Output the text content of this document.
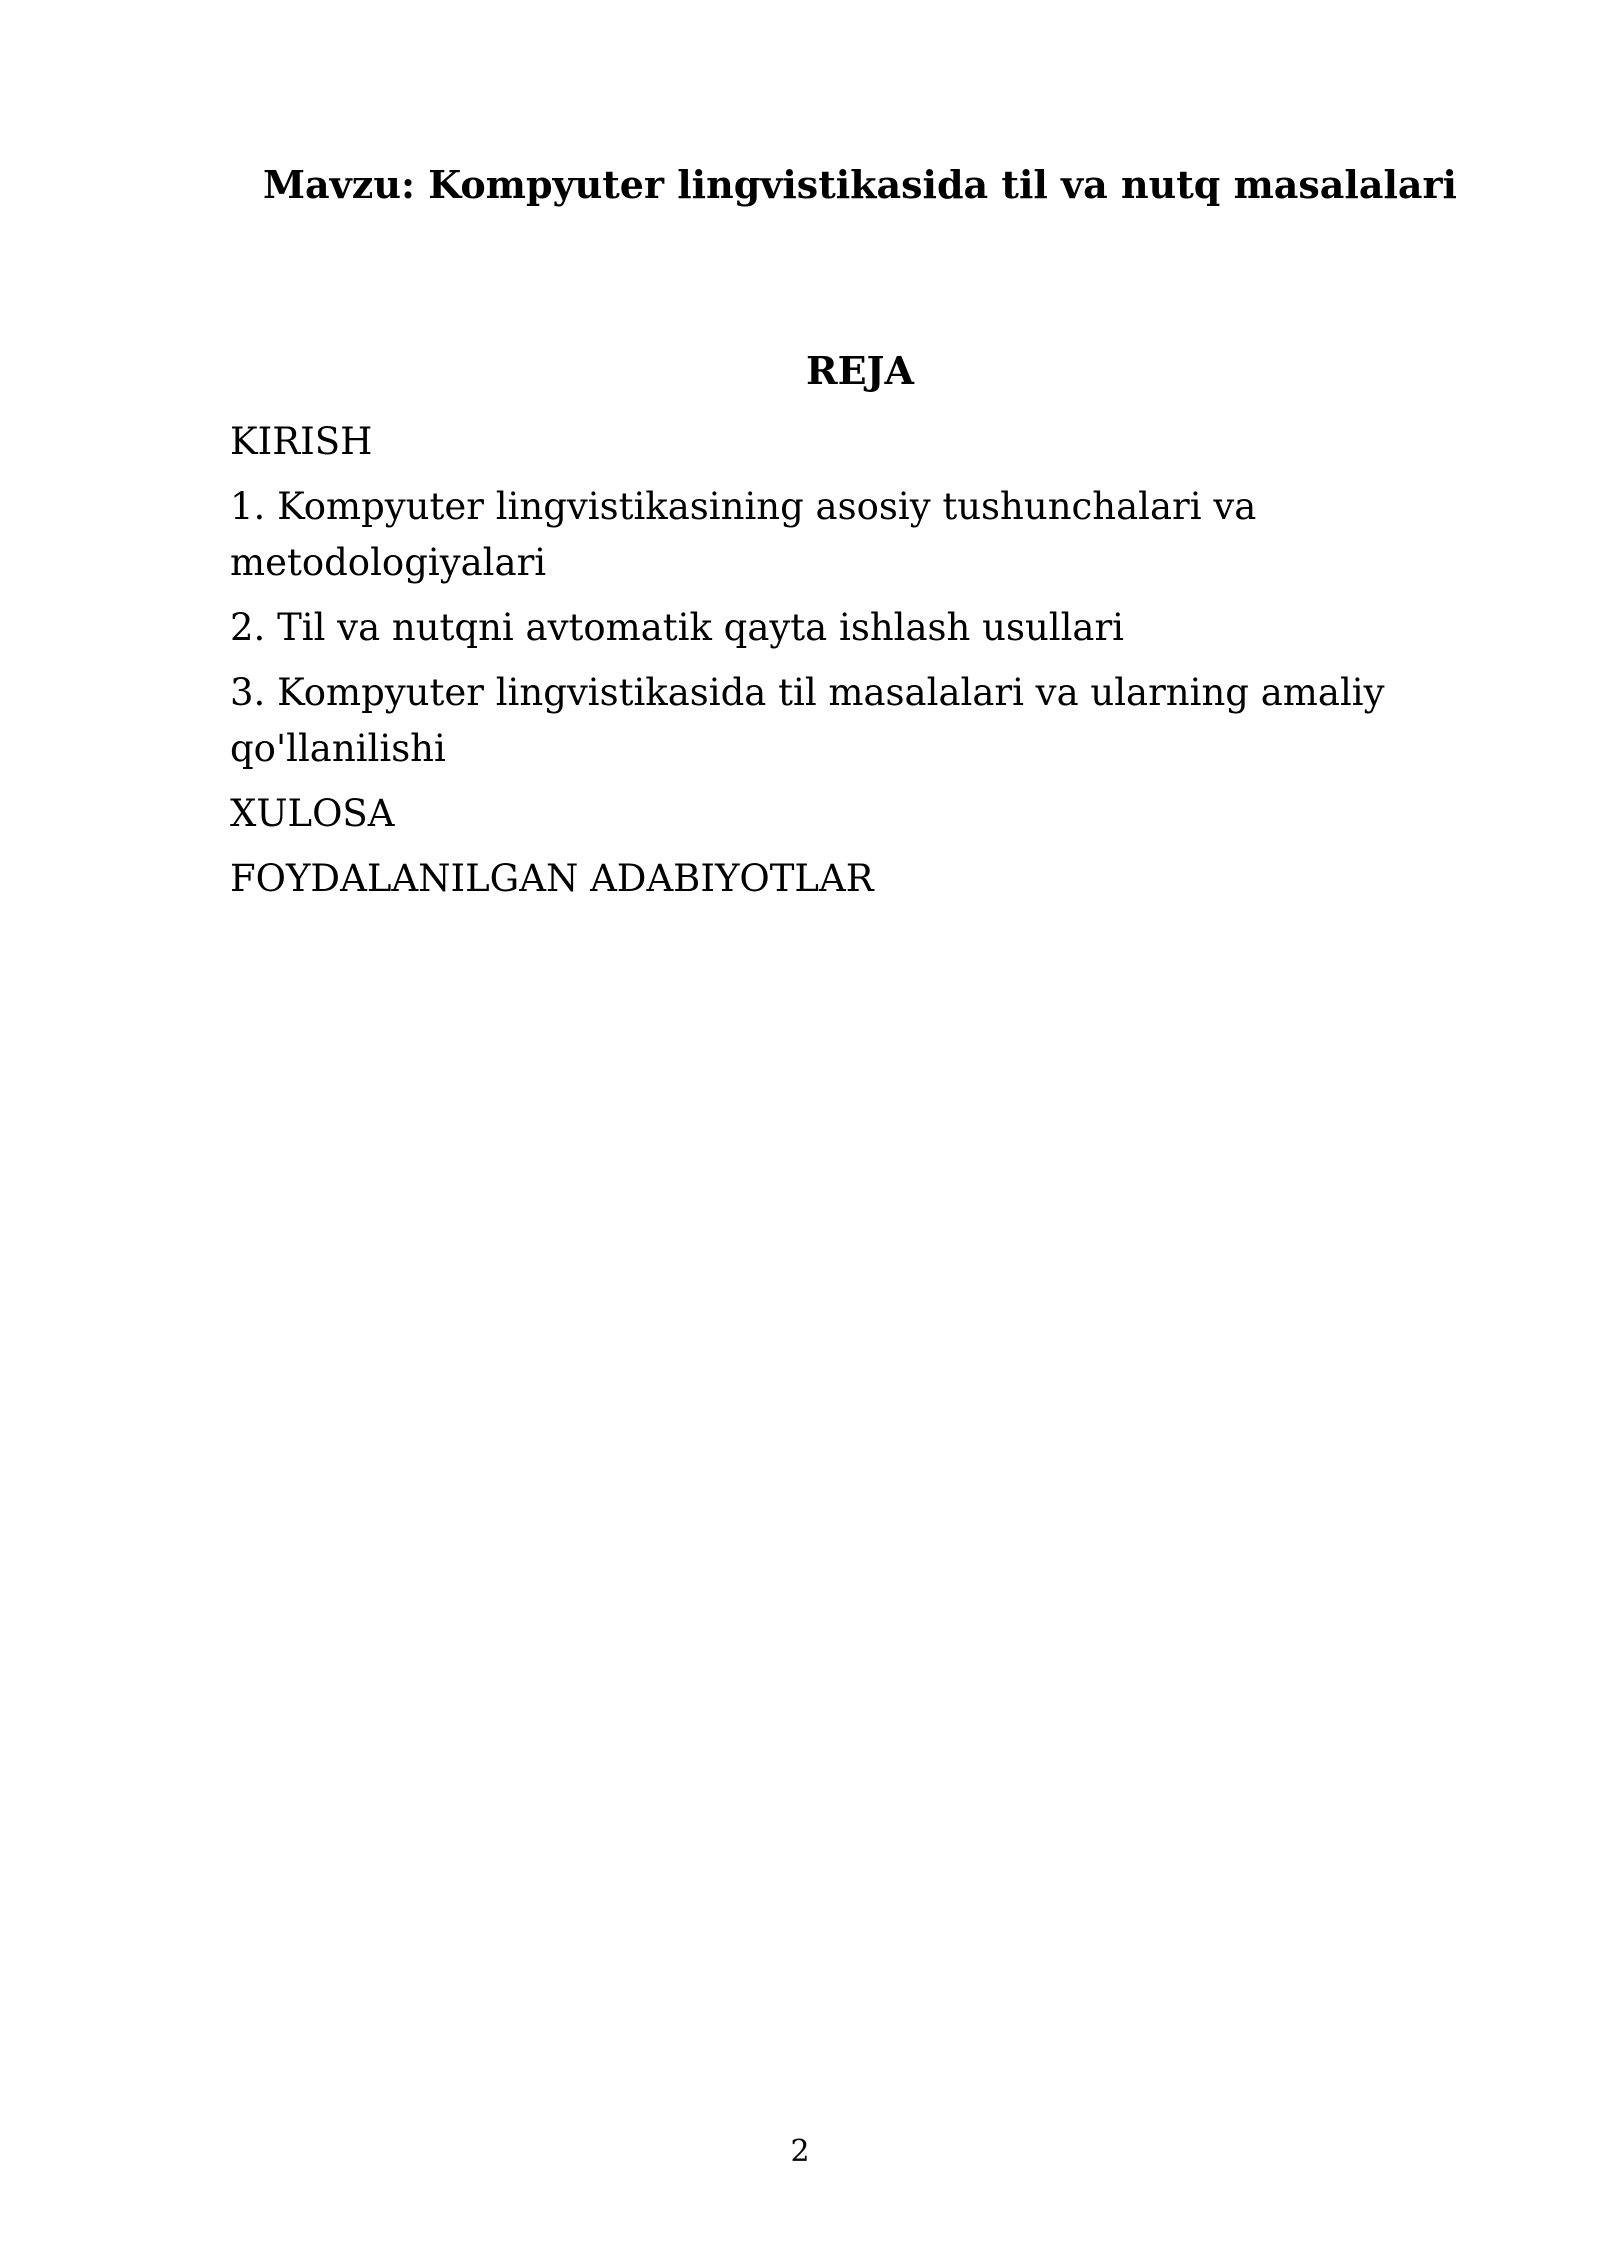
Mavzu: Kompyuter lingvistikasida til va nutq masalalari
REJA
KIRISH
1. Kompyuter lingvistikasining asosiy tushunchalari va metodologiyalari
2. Til va nutqni avtomatik qayta ishlash usullari
3. Kompyuter lingvistikasida til masalalari va ularning amaliy qo'llanilishi
XULOSA
FOYDALANILGAN ADABIYOTLAR
2
